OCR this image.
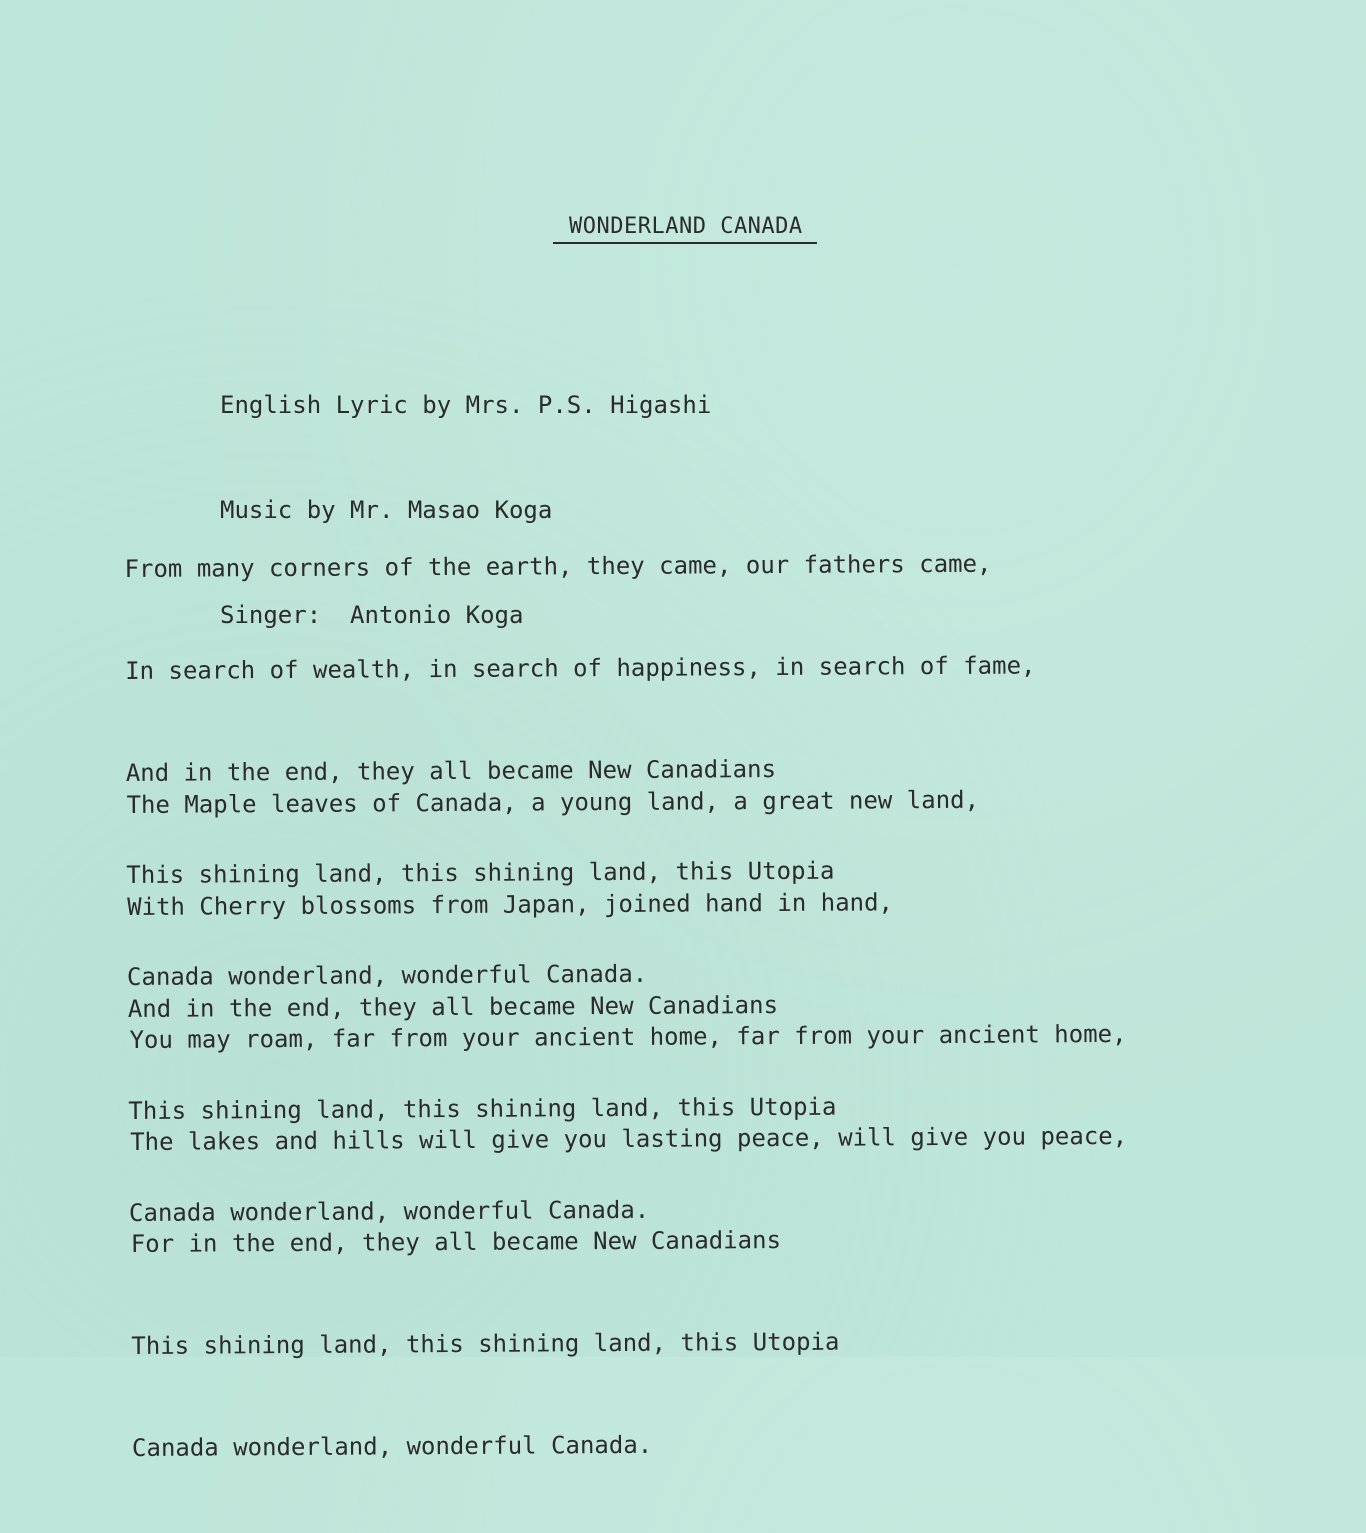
WONDERLAND CANADA

English Lyric by Mrs. P.S. Higashi

Music by Mr. Masao Koga

Singer:  Antonio Koga

From many corners of the earth, they came, our fathers came,

In search of wealth, in search of happiness, in search of fame,

And in the end, they all became New Canadians

This shining land, this shining land, this Utopia

Canada wonderland, wonderful Canada.

The Maple leaves of Canada, a young land, a great new land,

With Cherry blossoms from Japan, joined hand in hand,

And in the end, they all became New Canadians

This shining land, this shining land, this Utopia

Canada wonderland, wonderful Canada.

You may roam, far from your ancient home, far from your ancient home,

The lakes and hills will give you lasting peace, will give you peace,

For in the end, they all became New Canadians

This shining land, this shining land, this Utopia

Canada wonderland, wonderful Canada.
